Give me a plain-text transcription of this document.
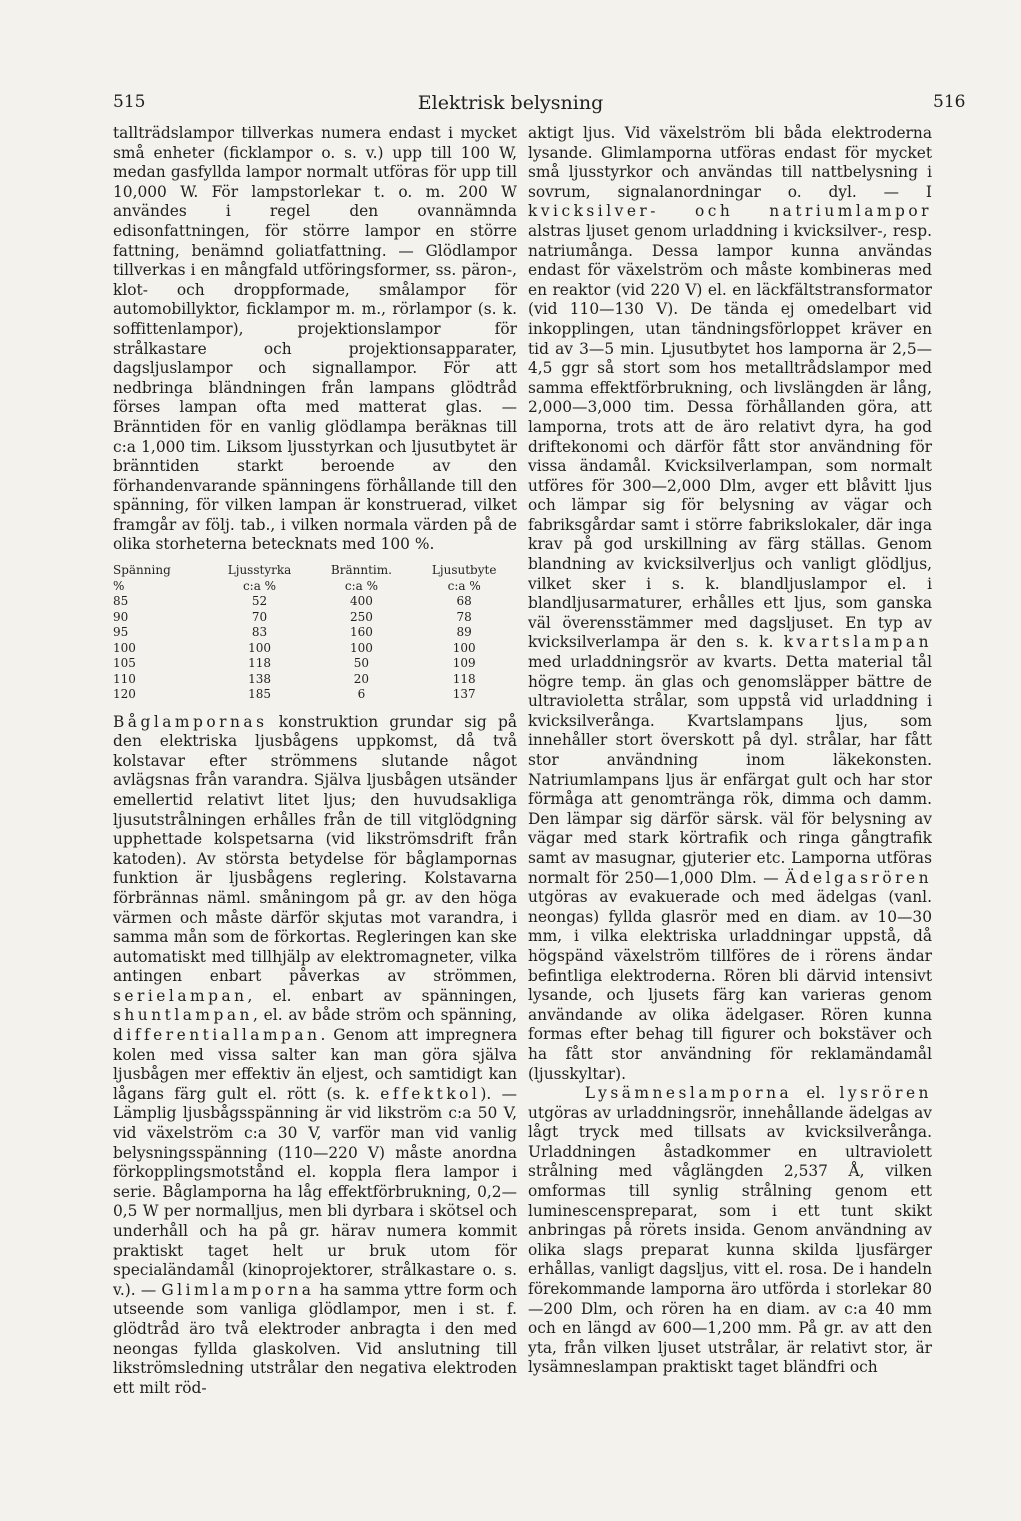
515	Elektrisk belysning	516

tallträdslampor tillverkas numera endast i mycket små enheter (ficklampor o. s. v.) upp till 100 W, medan gasfyllda lampor normalt utföras för upp till 10,000 W. För lampstorlekar t. o. m. 200 W användes i regel den ovannämnda edisonfattningen, för större lampor en större fattning, benämnd goliatfattning. — Glödlampor tillverkas i en mångfald utföringsformer, ss. päron-, klot- och droppformade, smålampor för automobillyktor, ficklampor m. m., rörlampor (s. k. soffittenlampor), projektionslampor för strålkastare och projektionsapparater, dagsljuslampor och signallampor. För att nedbringa bländningen från lampans glödtråd förses lampan ofta med matterat glas. — Bränntiden för en vanlig glödlampa beräknas till c:a 1,000 tim. Liksom ljusstyrkan och ljusutbytet är bränntiden starkt beroende av den förhandenvarande spänningens förhållande till den spänning, för vilken lampan är konstruerad, vilket framgår av följ. tab., i vilken normala värden på de olika storheterna betecknats med 100 %.

Spänning	Ljusstyrka	Bränntim.	Ljusutbyte
%	c:a %	c:a %	c:a %
85	52	400	68
90	70	250	78
95	83	160	89
100	100	100	100
105	118	50	109
110	138	20	118
120	185	6	137

Båglampornas konstruktion grundar sig på den elektriska ljusbågens uppkomst, då två kolstavar efter strömmens slutande något avlägsnas från varandra. Själva ljusbågen utsänder emellertid relativt litet ljus; den huvudsakliga ljusutstrålningen erhålles från de till vitglödgning upphettade kolspetsarna (vid likströmsdrift från katoden). Av största betydelse för båglampornas funktion är ljusbågens reglering. Kolstavarna förbrännas näml. småningom på gr. av den höga värmen och måste därför skjutas mot varandra, i samma mån som de förkortas. Regleringen kan ske automatiskt med tillhjälp av elektromagneter, vilka antingen enbart påverkas av strömmen, serielampan, el. enbart av spänningen, shuntlampan, el. av både ström och spänning, differentiallampan. Genom att impregnera kolen med vissa salter kan man göra själva ljusbågen mer effektiv än eljest, och samtidigt kan lågans färg gult el. rött (s. k. effektkol). — Lämplig ljusbågsspänning är vid likström c:a 50 V, vid växelström c:a 30 V, varför man vid vanlig belysningsspänning (110—220 V) måste anordna förkopplingsmotstånd el. koppla flera lampor i serie. Båglamporna ha låg effektförbrukning, 0,2—0,5 W per normalljus, men bli dyrbara i skötsel och underhåll och ha på gr. härav numera kommit praktiskt taget helt ur bruk utom för specialändamål (kinoprojektorer, strålkastare o. s. v.). — Glimlamporna ha samma yttre form och utseende som vanliga glödlampor, men i st. f. glödtråd äro två elektroder anbragta i den med neongas fyllda glaskolven. Vid anslutning till likströmsledning utstrålar den negativa elektroden ett milt röd-

aktigt ljus. Vid växelström bli båda elektroderna lysande. Glimlamporna utföras endast för mycket små ljusstyrkor och användas till nattbelysning i sovrum, signalanordningar o. dyl. — I kvicksilver- och natriumlampor alstras ljuset genom urladdning i kvicksilver-, resp. natriumånga. Dessa lampor kunna användas endast för växelström och måste kombineras med en reaktor (vid 220 V) el. en läckfältstransformator (vid 110—130 V). De tända ej omedelbart vid inkopplingen, utan tändningsförloppet kräver en tid av 3—5 min. Ljusutbytet hos lamporna är 2,5—4,5 ggr så stort som hos metalltrådslampor med samma effektförbrukning, och livslängden är lång, 2,000—3,000 tim. Dessa förhållanden göra, att lamporna, trots att de äro relativt dyra, ha god driftekonomi och därför fått stor användning för vissa ändamål. Kvicksilverlampan, som normalt utföres för 300—2,000 Dlm, avger ett blåvitt ljus och lämpar sig för belysning av vägar och fabriksgårdar samt i större fabrikslokaler, där inga krav på god urskillning av färg ställas. Genom blandning av kvicksilverljus och vanligt glödljus, vilket sker i s. k. blandljuslampor el. i blandljusarmaturer, erhålles ett ljus, som ganska väl överensstämmer med dagsljuset. En typ av kvicksilverlampa är den s. k. kvartslampan med urladdningsrör av kvarts. Detta material tål högre temp. än glas och genomsläpper bättre de ultravioletta strålar, som uppstå vid urladdning i kvicksilverånga. Kvartslampans ljus, som innehåller stort överskott på dyl. strålar, har fått stor användning inom läkekonsten. Natriumlampans ljus är enfärgat gult och har stor förmåga att genomtränga rök, dimma och damm. Den lämpar sig därför särsk. väl för belysning av vägar med stark körtrafik och ringa gångtrafik samt av masugnar, gjuterier etc. Lamporna utföras normalt för 250—1,000 Dlm. — Ädelgasrören utgöras av evakuerade och med ädelgas (vanl. neongas) fyllda glasrör med en diam. av 10—30 mm, i vilka elektriska urladdningar uppstå, då högspänd växelström tillföres de i rörens ändar befintliga elektroderna. Rören bli därvid intensivt lysande, och ljusets färg kan varieras genom användande av olika ädelgaser. Rören kunna formas efter behag till figurer och bokstäver och ha fått stor användning för reklamändamål (ljusskyltar).

Lysämneslamporna el. lysrören utgöras av urladdningsrör, innehållande ädelgas av lågt tryck med tillsats av kvicksilverånga. Urladdningen åstadkommer en ultraviolett strålning med våglängden 2,537 Å, vilken omformas till synlig strålning genom ett luminescenspreparat, som i ett tunt skikt anbringas på rörets insida. Genom användning av olika slags preparat kunna skilda ljusfärger erhållas, vanligt dagsljus, vitt el. rosa. De i handeln förekommande lamporna äro utförda i storlekar 80—200 Dlm, och rören ha en diam. av c:a 40 mm och en längd av 600—1,200 mm. På gr. av att den yta, från vilken ljuset utstrålar, är relativt stor, är lysämneslampan praktiskt taget bländfri och
